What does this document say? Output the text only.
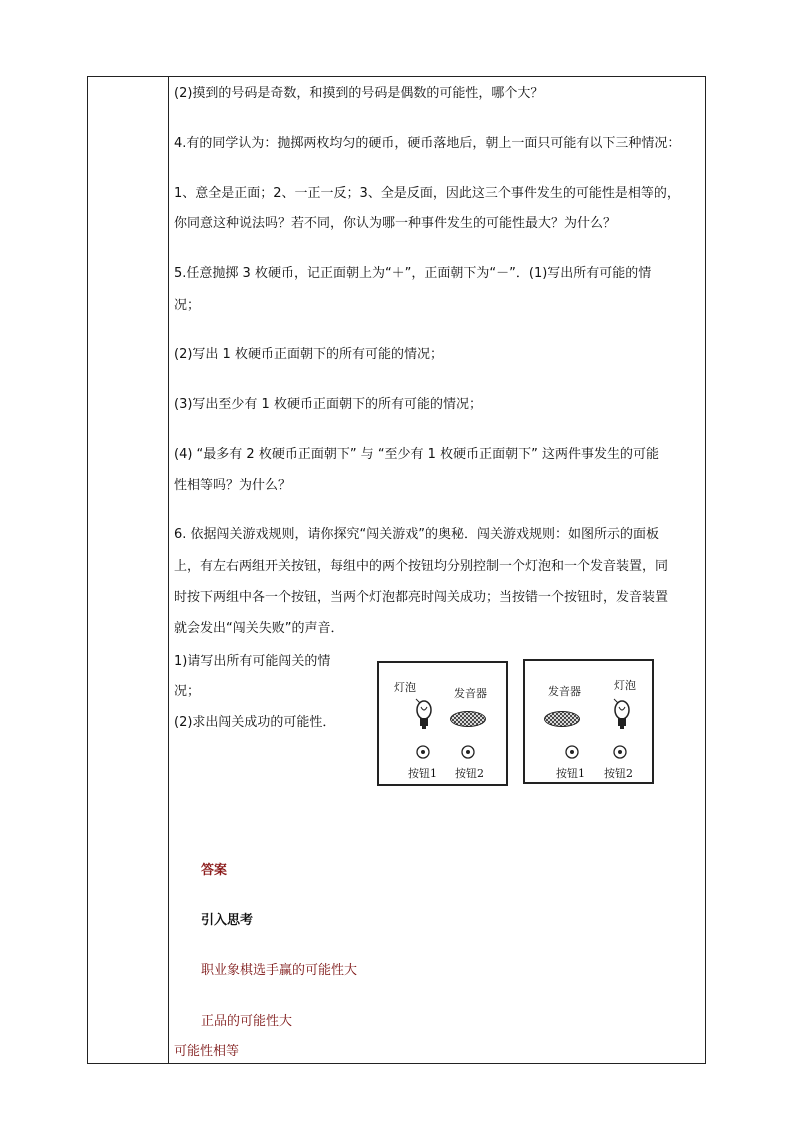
(2)摸到的号码是奇数，和摸到的号码是偶数的可能性，哪个大？
4.有的同学认为：抛掷两枚均匀的硬币，硬币落地后，朝上一面只可能有以下三种情况：
1、意全是正面；2、一正一反；3、全是反面，因此这三个事件发生的可能性是相等的，
你同意这种说法吗？若不同，你认为哪一种事件发生的可能性最大？为什么？
5.任意抛掷 3 枚硬币，记正面朝上为“＋”，正面朝下为“－”．(1)写出所有可能的情
况；
(2)写出 1 枚硬币正面朝下的所有可能的情况；
(3)写出至少有 1 枚硬币正面朝下的所有可能的情况；
(4) “最多有 2 枚硬币正面朝下” 与 “至少有 1 枚硬币正面朝下” 这两件事发生的可能
性相等吗？为什么？
6. 依据闯关游戏规则，请你探究“闯关游戏”的奥秘．闯关游戏规则：如图所示的面板
上，有左右两组开关按钮，每组中的两个按钮均分别控制一个灯泡和一个发音装置，同
时按下两组中各一个按钮，当两个灯泡都亮时闯关成功；当按错一个按钮时，发音装置
就会发出“闯关失败”的声音．
1)请写出所有可能闯关的情
况；
(2)求出闯关成功的可能性．
灯泡	发音器
按钮1 按钮2
发音器	灯泡
按钮1 按钮2
答案
引入思考
职业象棋选手赢的可能性大
正品的可能性大
可能性相等
